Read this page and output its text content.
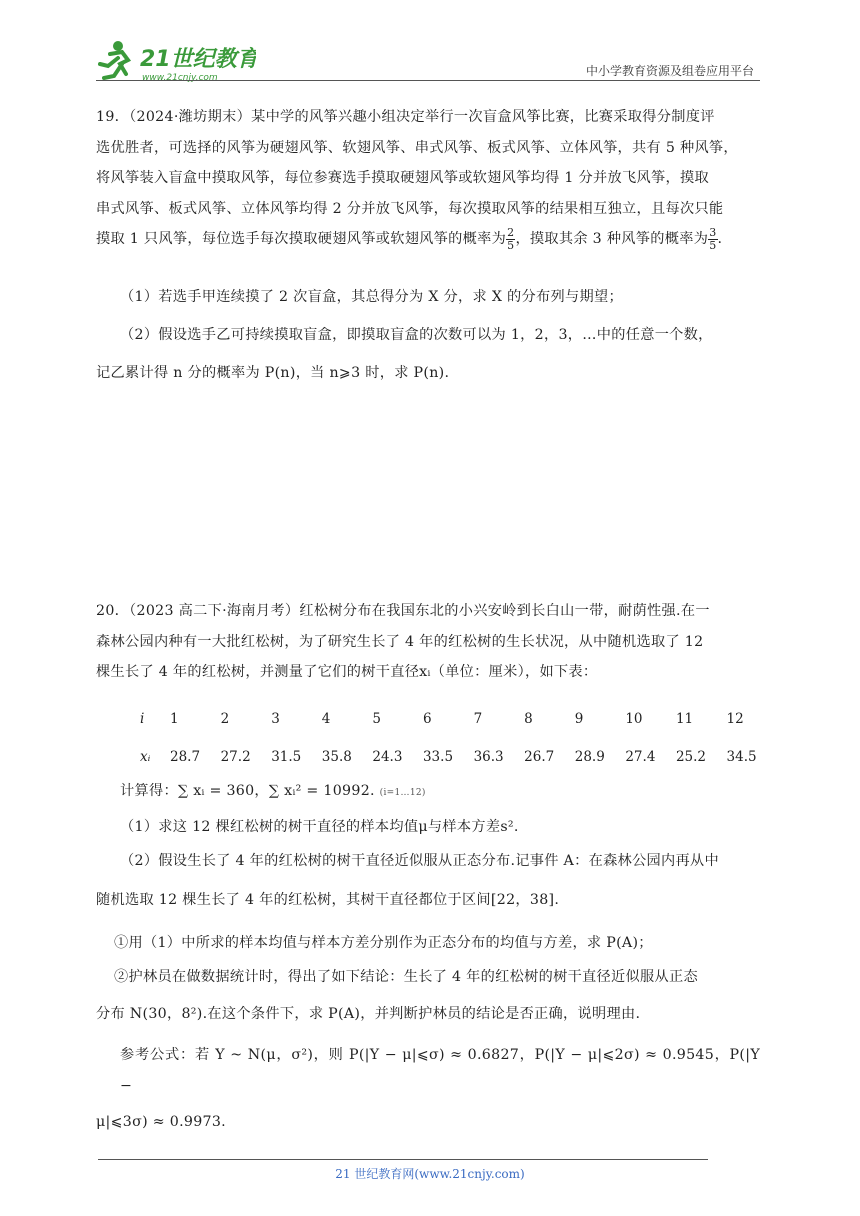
21世纪教育
www.21cnjy.com	中小学教育资源及组卷应用平台
19．（2024·潍坊期末）某中学的风筝兴趣小组决定举行一次盲盒风筝比赛，比赛采取得分制度评
选优胜者，可选择的风筝为硬翅风筝、软翅风筝、串式风筝、板式风筝、立体风筝，共有 5 种风筝，
将风筝装入盲盒中摸取风筝，每位参赛选手摸取硬翅风筝或软翅风筝均得 1 分并放飞风筝，摸取
串式风筝、板式风筝、立体风筝均得 2 分并放飞风筝，每次摸取风筝的结果相互独立，且每次只能
摸取 1 只风筝，每位选手每次摸取硬翅风筝或软翅风筝的概率为 $\frac{2}{5}$ ，摸取其余 3 种风筝的概率为 $\frac{3}{5}$ .
（1）若选手甲连续摸了 2 次盲盒，其总得分为 X 分，求 X 的分布列与期望；
（2）假设选手乙可持续摸取盲盒，即摸取盲盒的次数可以为 1，2，3，…中的任意一个数，
记乙累计得 n 分的概率为 P(n)，当 n⩾3 时，求 P(n).
20．（2023 高二下·海南月考）红松树分布在我国东北的小兴安岭到长白山一带，耐荫性强.在一
森林公园内种有一大批红松树，为了研究生长了 4 年的红松树的生长状况，从中随机选取了 12
棵生长了 4 年的红松树，并测量了它们的树干直径xᵢ（单位：厘米），如下表：
i	1	2	3	4	5	6	7	8	9	10	11	12
xᵢ	28.7	27.2	31.5	35.8	24.3	33.5	36.3	26.7	28.9	27.4	25.2	34.5
计算得：∑ xᵢ = 360，∑ xᵢ² = 10992. (i=1…12)
（1）求这 12 棵红松树的树干直径的样本均值μ与样本方差s².
（2）假设生长了 4 年的红松树的树干直径近似服从正态分布.记事件 A：在森林公园内再从中
随机选取 12 棵生长了 4 年的红松树，其树干直径都位于区间[22，38].
①用（1）中所求的样本均值与样本方差分别作为正态分布的均值与方差，求 P(A)；
②护林员在做数据统计时，得出了如下结论：生长了 4 年的红松树的树干直径近似服从正态
分布 N(30，8²).在这个条件下，求 P(A)，并判断护林员的结论是否正确，说明理由.
参考公式：若 Y ~ N(μ，σ²)，则 P(|Y − μ|⩽σ) ≈ 0.6827，P(|Y − μ|⩽2σ) ≈ 0.9545，P(|Y −
μ|⩽3σ) ≈ 0.9973.
21 世纪教育网(www.21cnjy.com)
